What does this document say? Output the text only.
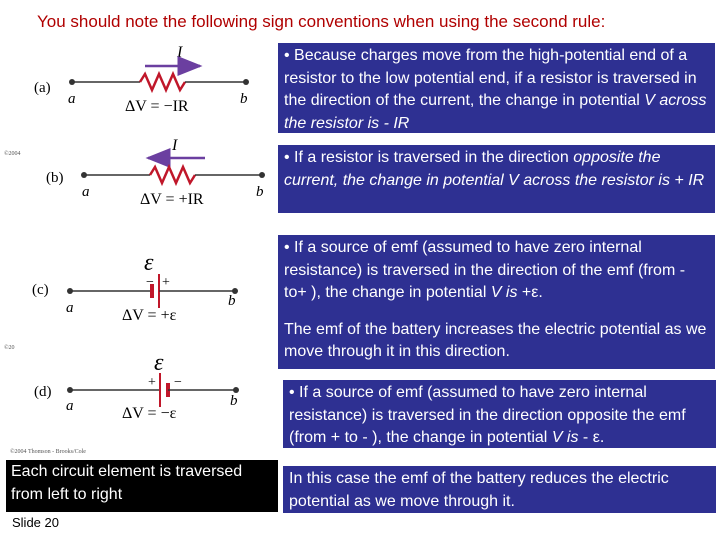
You should note the following sign conventions when using the second rule:
(a)
I
a	b
ΔV = −IR
©2004
(b)
I
a	b
ΔV = +IR
(c)
ε
− +
a	b
ΔV = +ε
©20
(d)
ε
+ −
a	b
ΔV = −ε
©2004 Thomson - Brooks/Cole
• Because charges move from the high-potential end of a resistor to the low potential end, if a resistor is traversed in the direction of the current, the change in potential V across the resistor is - IR
• If a resistor is traversed in the direction opposite the current, the change in potential V across the resistor is + IR
• If a source of emf (assumed to have zero internal resistance) is traversed in the direction of the emf (from - to+ ), the change in potential V is +ε.
The emf of the battery increases the electric potential as we move through it in this direction.
• If a source of emf (assumed to have zero internal resistance) is traversed in the direction opposite the emf (from + to - ), the change in potential V is - ε.
In this case the emf of the battery reduces the electric potential as we move through it.
Each circuit element is traversed from left to right
Slide 20
